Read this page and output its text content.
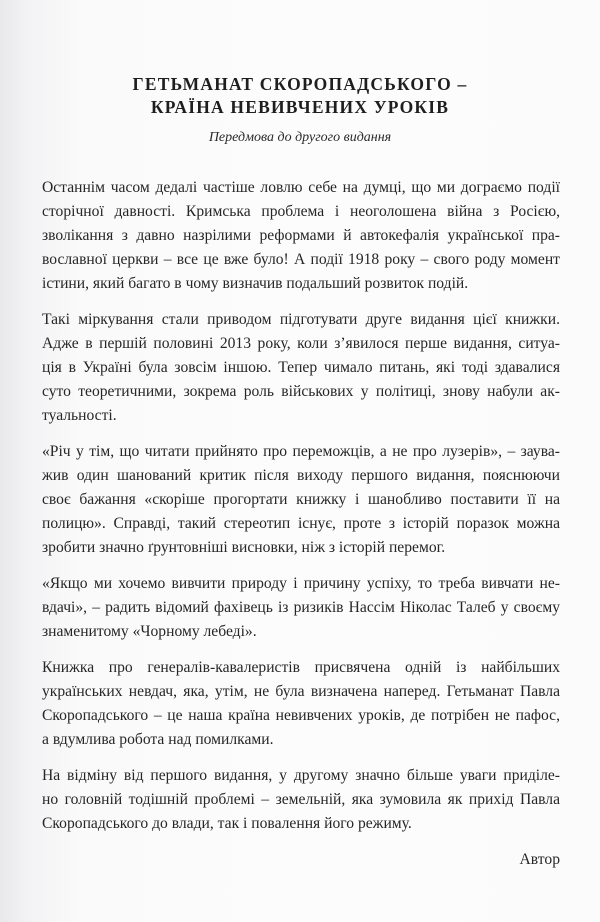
ГЕТЬМАНАТ СКОРОПАДСЬКОГО –
КРАЇНА НЕВИВЧЕНИХ УРОКІВ
Передмова до другого видання

Останнім часом дедалі частіше ловлю себе на думці, що ми дограємо події
сторічної давності. Кримська проблема і неоголошена війна з Росією,
зволікання з давно назрілими реформами й автокефалія української пра-
вославної церкви – все це вже було! А події 1918 року – свого роду момент
істини, який багато в чому визначив подальший розвиток подій.

Такі міркування стали приводом підготувати друге видання цієї книжки.
Адже в першій половині 2013 року, коли з’явилося перше видання, ситуа-
ція в Україні була зовсім іншою. Тепер чимало питань, які тоді здавалися
суто теоретичними, зокрема роль військових у політиці, знову набули ак-
туальності.

«Річ у тім, що читати прийнято про переможців, а не про лузерів», – заува-
жив один шанований критик після виходу першого видання, пояснюючи
своє бажання «скоріше прогортати книжку і шанобливо поставити її на
полицю». Справді, такий стереотип існує, проте з історій поразок можна
зробити значно ґрунтовніші висновки, ніж з історій перемог.

«Якщо ми хочемо вивчити природу і причину успіху, то треба вивчати не-
вдачі», – радить відомий фахівець із ризиків Нассім Ніколас Талеб у своєму
знаменитому «Чорному лебеді».

Книжка про генералів-кавалеристів присвячена одній із найбільших
українських невдач, яка, утім, не була визначена наперед. Гетьманат Павла
Скоропадського – це наша країна невивчених уроків, де потрібен не пафос,
а вдумлива робота над помилками.

На відміну від першого видання, у другому значно більше уваги приділе-
но головній тодішній проблемі – земельній, яка зумовила як прихід Павла
Скоропадського до влади, так і повалення його режиму.

Автор
